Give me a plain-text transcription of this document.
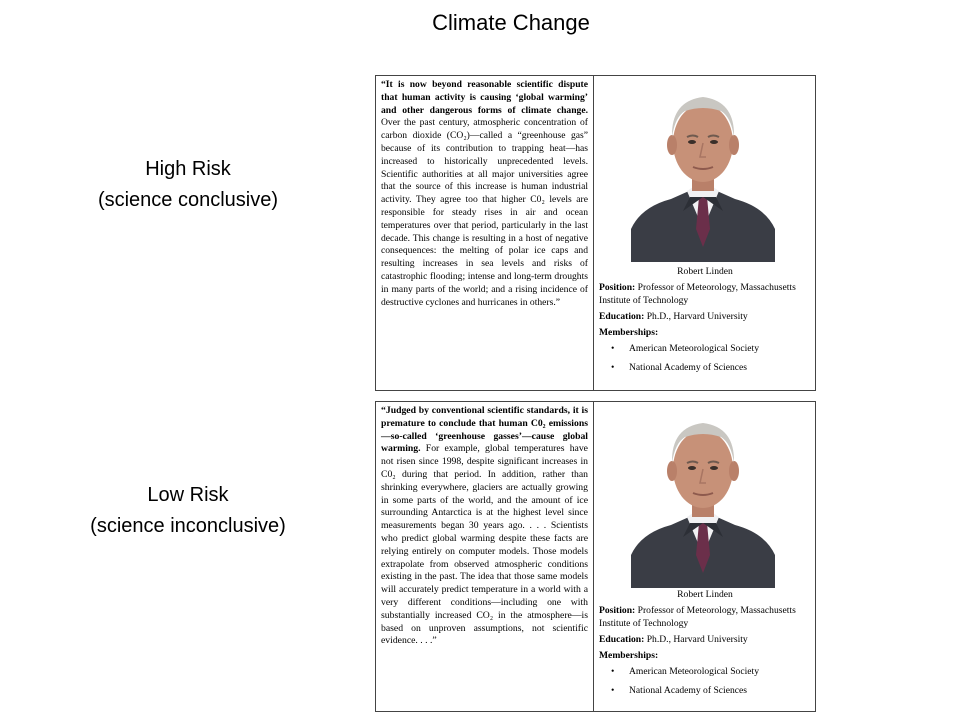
Climate Change
High Risk
(science conclusive)
Low Risk
(science inconclusive)
“It is now beyond reasonable scientific dispute that human activity is causing ‘global warming’ and other dangerous forms of climate change. Over the past century, atmospheric concentration of carbon dioxide (CO₂)—called a “greenhouse gas” because of its contribution to trapping heat—has increased to historically unprecedented levels. Scientific authorities at all major universities agree that the source of this increase is human industrial activity. They agree too that higher C0₂ levels are responsible for steady rises in air and ocean temperatures over that period, particularly in the last decade. This change is resulting in a host of negative consequences: the melting of polar ice caps and resulting increases in sea levels and risks of catastrophic flooding; intense and long-term droughts in many parts of the world; and a rising incidence of destructive cyclones and hurricanes in others.”
Robert Linden
Position: Professor of Meteorology, Massachusetts Institute of Technology
Education: Ph.D., Harvard University
Memberships:
• American Meteorological Society
• National Academy of Sciences
“Judged by conventional scientific standards, it is premature to conclude that human C0₂ emissions—so-called ‘greenhouse gasses’—cause global warming. For example, global temperatures have not risen since 1998, despite significant increases in C0₂ during that period. In addition, rather than shrinking everywhere, glaciers are actually growing in some parts of the world, and the amount of ice surrounding Antarctica is at the highest level since measurements began 30 years ago. . . . Scientists who predict global warming despite these facts are relying entirely on computer models. Those models extrapolate from observed atmospheric conditions existing in the past. The idea that those same models will accurately predict temperature in a world with a very different conditions—including one with substantially increased CO₂ in the atmosphere—is based on unproven assumptions, not scientific evidence. . . .”
Robert Linden
Position: Professor of Meteorology, Massachusetts Institute of Technology
Education: Ph.D., Harvard University
Memberships:
• American Meteorological Society
• National Academy of Sciences
